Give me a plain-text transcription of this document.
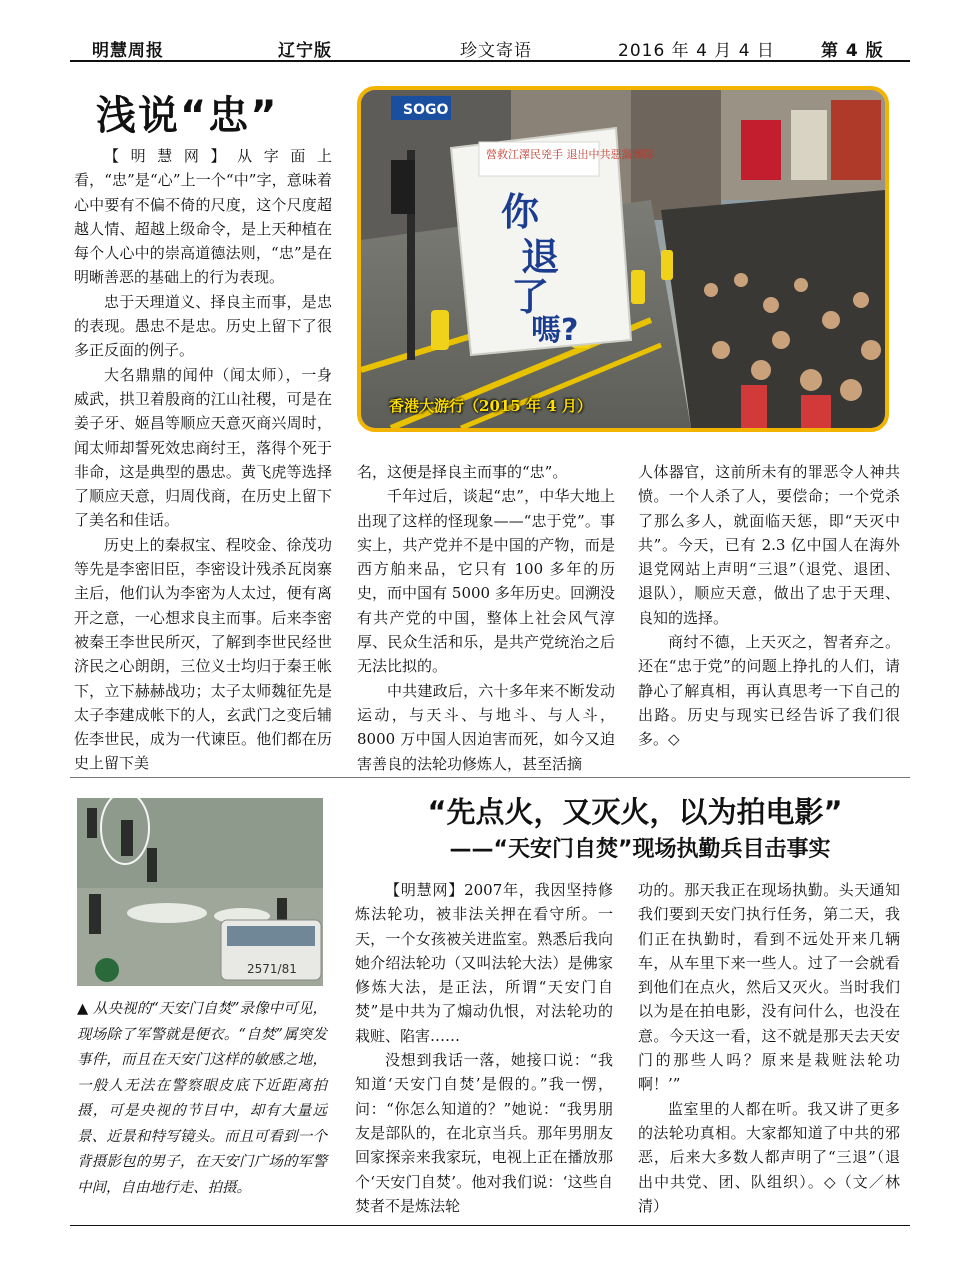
明慧周报	辽宁版	珍文寄语	2016 年 4 月 4 日	第 4 版
浅说“忠”

【明慧网】从字面上看，“忠”是“心”上一个“中”字，意味着心中要有不偏不倚的尺度，这个尺度超越人情、超越上级命令，是上天种植在每个人心中的崇高道德法则，“忠”是在明晰善恶的基础上的行为表现。

忠于天理道义、择良主而事，是忠的表现。愚忠不是忠。历史上留下了很多正反面的例子。

大名鼎鼎的闻仲（闻太师），一身威武，拱卫着殷商的江山社稷，可是在姜子牙、姬昌等顺应天意灭商兴周时，闻太师却誓死效忠商纣王，落得个死于非命，这是典型的愚忠。黄飞虎等选择了顺应天意，归周伐商，在历史上留下了美名和佳话。

历史上的秦叔宝、程咬金、徐茂功等先是李密旧臣，李密设计残杀瓦岗寨主后，他们认为李密为人太过，便有离开之意，一心想求良主而事。后来李密被秦王李世民所灭，了解到李世民经世济民之心朗朗，三位义士均归于秦王帐下，立下赫赫战功；太子太师魏征先是太子李建成帐下的人，玄武门之变后辅佐李世民，成为一代谏臣。他们都在历史上留下美

SOGO
營救江澤民兇手 退出中共惡黨團隊
你
退
了
嗎?
香港大游行（2015 年 4 月）

名，这便是择良主而事的“忠”。

千年过后，谈起“忠”，中华大地上出现了这样的怪现象——“忠于党”。事实上，共产党并不是中国的产物，而是西方舶来品，它只有 100 多年的历史，而中国有 5000 多年历史。回溯没有共产党的中国，整体上社会风气淳厚、民众生活和乐，是共产党统治之后无法比拟的。

中共建政后，六十多年来不断发动运动，与天斗、与地斗、与人斗，8000 万中国人因迫害而死，如今又迫害善良的法轮功修炼人，甚至活摘

人体器官，这前所未有的罪恶令人神共愤。一个人杀了人，要偿命；一个党杀了那么多人，就面临天惩，即“天灭中共”。今天，已有 2.3 亿中国人在海外退党网站上声明“三退”（退党、退团、退队），顺应天意，做出了忠于天理、良知的选择。

商纣不德，上天灭之，智者弃之。还在“忠于党”的问题上挣扎的人们，请静心了解真相，再认真思考一下自己的出路。历史与现实已经告诉了我们很多。◇

2571/81
▲ 从央视的“天安门自焚”录像中可见，现场除了军警就是便衣。“自焚”属突发事件，而且在天安门这样的敏感之地，一般人无法在警察眼皮底下近距离拍摄，可是央视的节目中，却有大量远景、近景和特写镜头。而且可看到一个背摄影包的男子，在天安门广场的军警中间，自由地行走、拍摄。
“先点火，又灭火，以为拍电影”
——“天安门自焚”现场执勤兵目击事实

【明慧网】2007年，我因坚持修炼法轮功，被非法关押在看守所。一天，一个女孩被关进监室。熟悉后我向她介绍法轮功（又叫法轮大法）是佛家修炼大法，是正法，所谓“天安门自焚”是中共为了煽动仇恨，对法轮功的栽赃、陷害……

没想到我话一落，她接口说：“我知道‘天安门自焚’是假的。”我一愣，问：“你怎么知道的？”她说：“我男朋友是部队的，在北京当兵。那年男朋友回家探亲来我家玩，电视上正在播放那个‘天安门自焚’。他对我们说：‘这些自焚者不是炼法轮

功的。那天我正在现场执勤。头天通知我们要到天安门执行任务，第二天，我们正在执勤时，看到不远处开来几辆车，从车里下来一些人。过了一会就看到他们在点火，然后又灭火。当时我们以为是在拍电影，没有问什么，也没在意。今天这一看，这不就是那天去天安门的那些人吗？原来是栽赃法轮功啊！’”

监室里的人都在听。我又讲了更多的法轮功真相。大家都知道了中共的邪恶，后来大多数人都声明了“三退”（退出中共党、团、队组织）。◇（文／林清）
